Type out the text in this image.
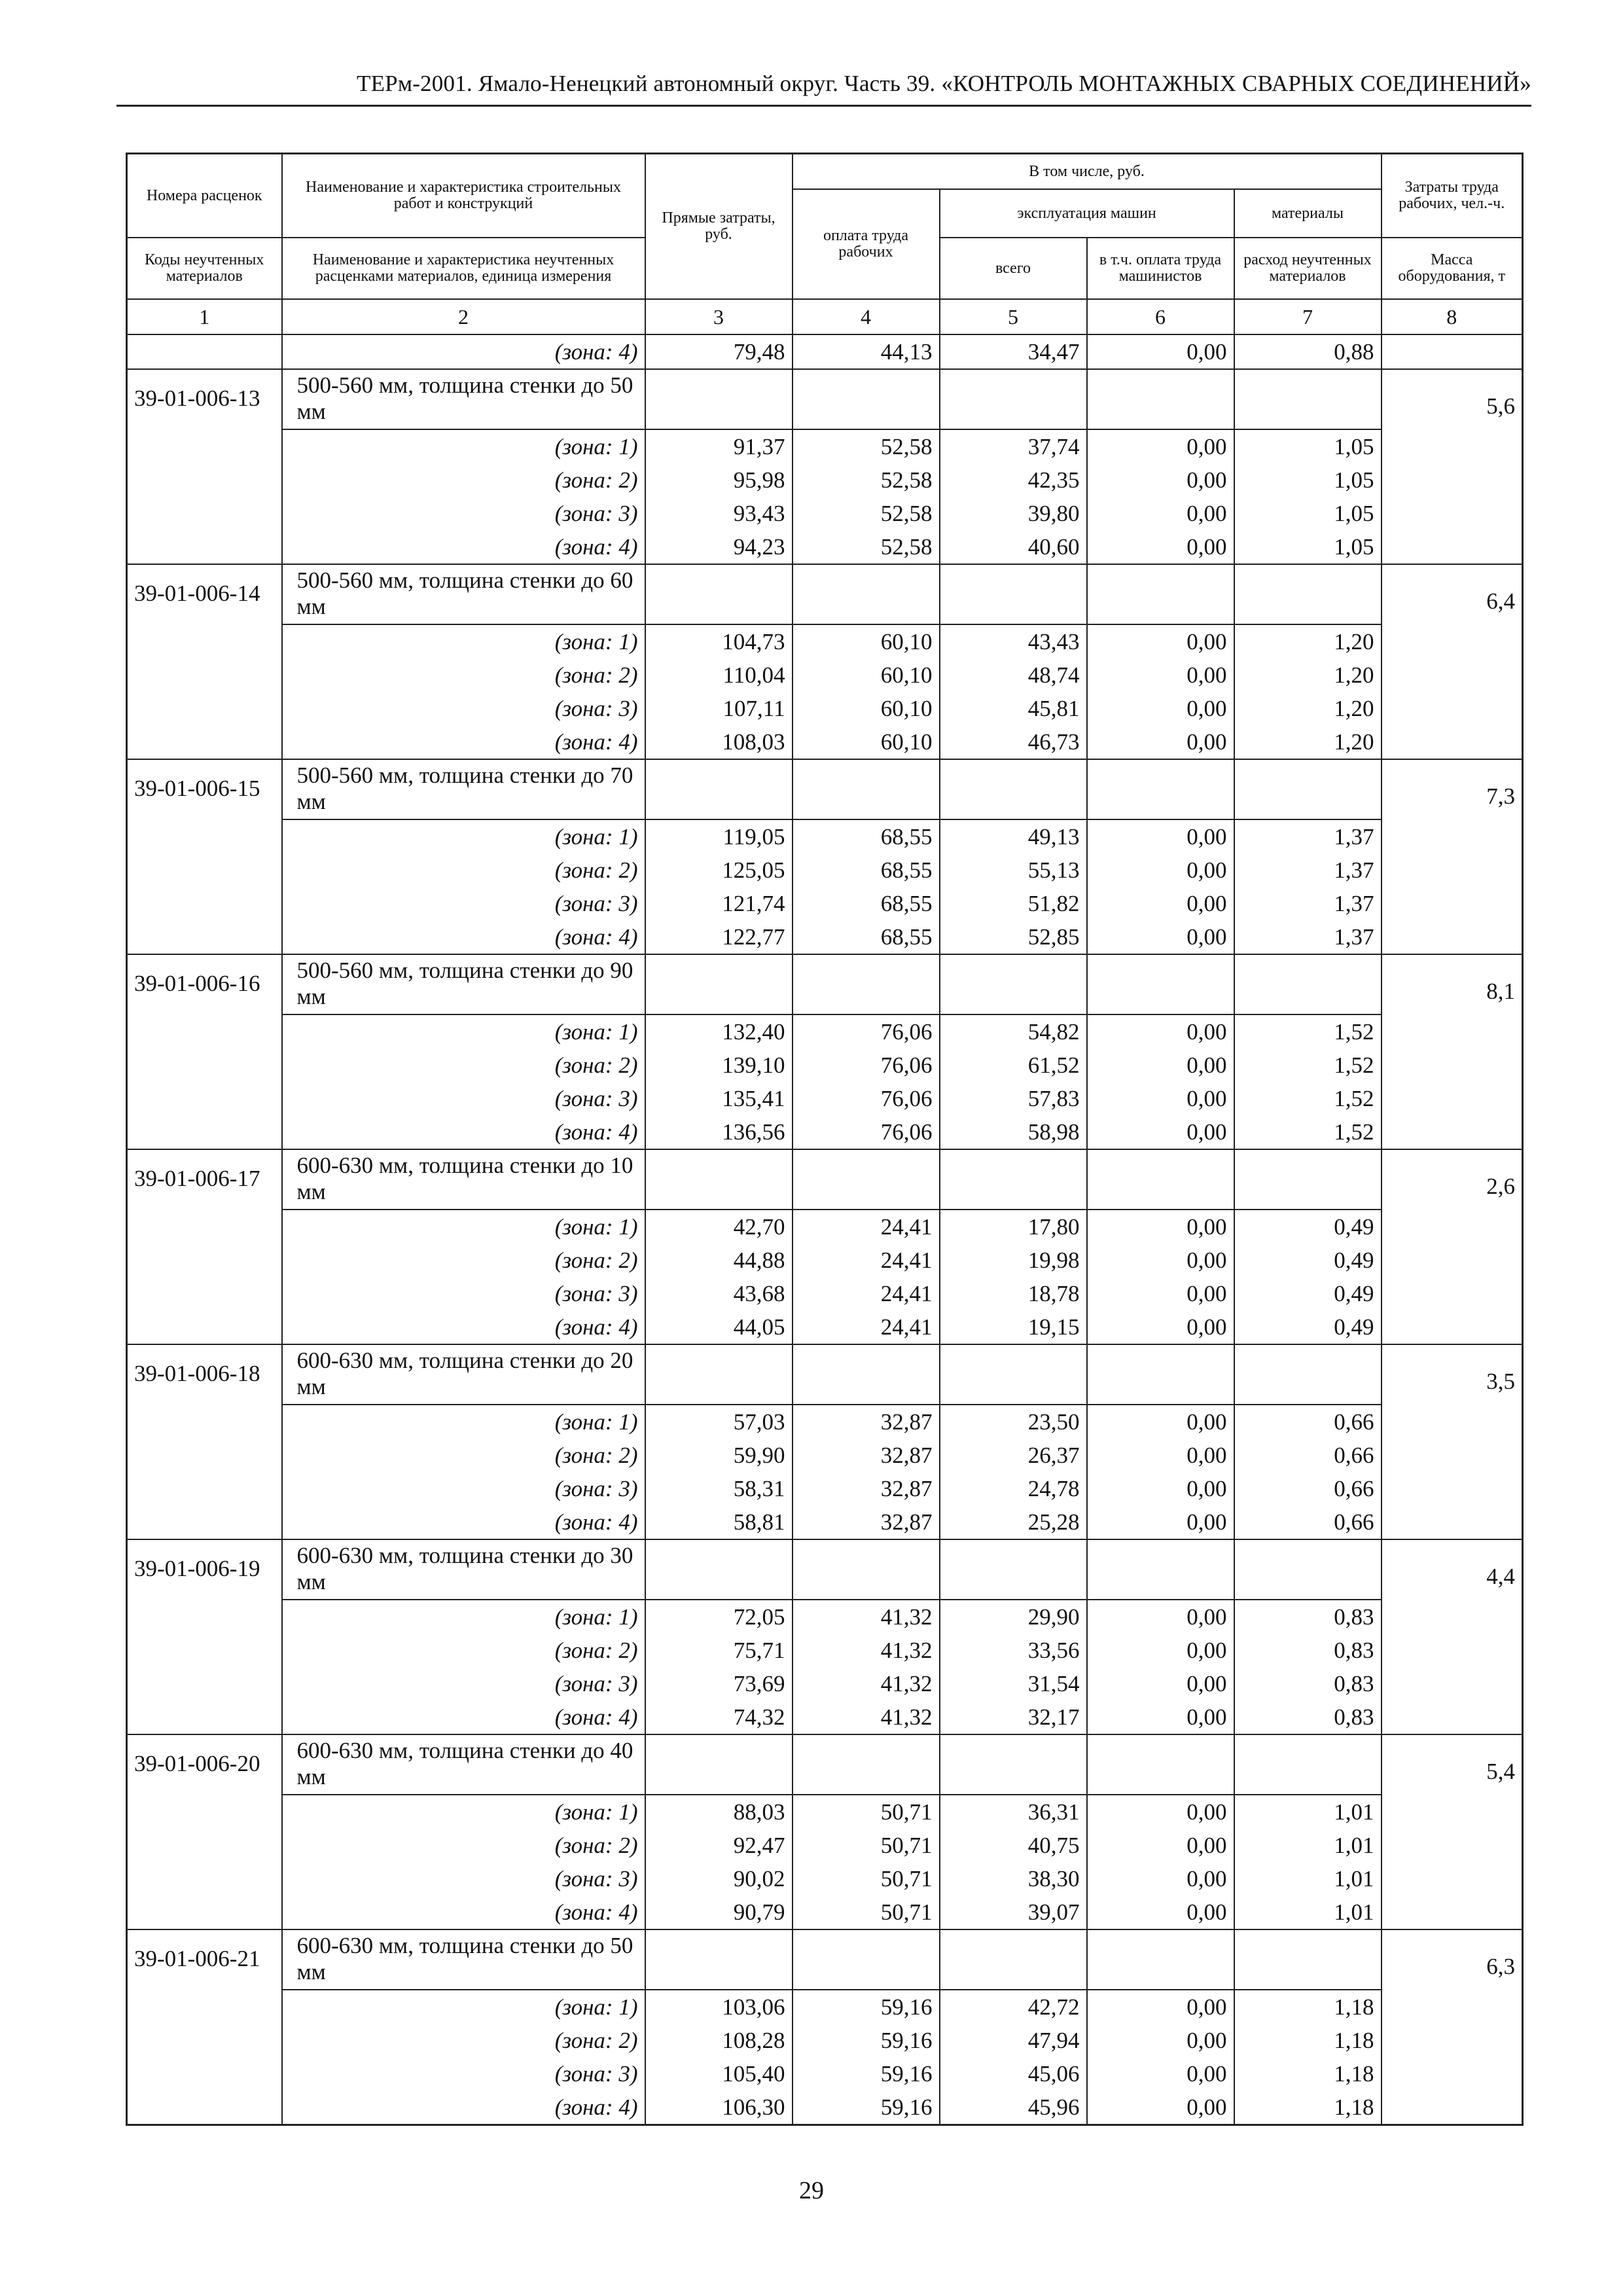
ТЕРм-2001. Ямало-Ненецкий автономный округ. Часть 39. «КОНТРОЛЬ МОНТАЖНЫХ СВАРНЫХ СОЕДИНЕНИЙ»
Номера расценок	Наименование и характеристика строительных работ и конструкций	Прямые затраты, руб.	В том числе, руб.				Затраты труда рабочих, чел.-ч.
			оплата труда рабочих	эксплуатация машин		материалы	
Коды неучтенных материалов	Наименование и характеристика неучтенных расценками материалов, единица измерения			всего	в т.ч. оплата труда машинистов	расход неучтенных материалов	Масса оборудования, т
1	2	3	4	5	6	7	8
	(зона: 4)	79,48	44,13	34,47	0,00	0,88	
39-01-006-13	500-560 мм, толщина стенки до 50 мм						5,6
	(зона: 1)	91,37	52,58	37,74	0,00	1,05	
	(зона: 2)	95,98	52,58	42,35	0,00	1,05	
	(зона: 3)	93,43	52,58	39,80	0,00	1,05	
	(зона: 4)	94,23	52,58	40,60	0,00	1,05	
39-01-006-14	500-560 мм, толщина стенки до 60 мм						6,4
	(зона: 1)	104,73	60,10	43,43	0,00	1,20	
	(зона: 2)	110,04	60,10	48,74	0,00	1,20	
	(зона: 3)	107,11	60,10	45,81	0,00	1,20	
	(зона: 4)	108,03	60,10	46,73	0,00	1,20	
39-01-006-15	500-560 мм, толщина стенки до 70 мм						7,3
	(зона: 1)	119,05	68,55	49,13	0,00	1,37	
	(зона: 2)	125,05	68,55	55,13	0,00	1,37	
	(зона: 3)	121,74	68,55	51,82	0,00	1,37	
	(зона: 4)	122,77	68,55	52,85	0,00	1,37	
39-01-006-16	500-560 мм, толщина стенки до 90 мм						8,1
	(зона: 1)	132,40	76,06	54,82	0,00	1,52	
	(зона: 2)	139,10	76,06	61,52	0,00	1,52	
	(зона: 3)	135,41	76,06	57,83	0,00	1,52	
	(зона: 4)	136,56	76,06	58,98	0,00	1,52	
39-01-006-17	600-630 мм, толщина стенки до 10 мм						2,6
	(зона: 1)	42,70	24,41	17,80	0,00	0,49	
	(зона: 2)	44,88	24,41	19,98	0,00	0,49	
	(зона: 3)	43,68	24,41	18,78	0,00	0,49	
	(зона: 4)	44,05	24,41	19,15	0,00	0,49	
39-01-006-18	600-630 мм, толщина стенки до 20 мм						3,5
	(зона: 1)	57,03	32,87	23,50	0,00	0,66	
	(зона: 2)	59,90	32,87	26,37	0,00	0,66	
	(зона: 3)	58,31	32,87	24,78	0,00	0,66	
	(зона: 4)	58,81	32,87	25,28	0,00	0,66	
39-01-006-19	600-630 мм, толщина стенки до 30 мм						4,4
	(зона: 1)	72,05	41,32	29,90	0,00	0,83	
	(зона: 2)	75,71	41,32	33,56	0,00	0,83	
	(зона: 3)	73,69	41,32	31,54	0,00	0,83	
	(зона: 4)	74,32	41,32	32,17	0,00	0,83	
39-01-006-20	600-630 мм, толщина стенки до 40 мм						5,4
	(зона: 1)	88,03	50,71	36,31	0,00	1,01	
	(зона: 2)	92,47	50,71	40,75	0,00	1,01	
	(зона: 3)	90,02	50,71	38,30	0,00	1,01	
	(зона: 4)	90,79	50,71	39,07	0,00	1,01	
39-01-006-21	600-630 мм, толщина стенки до 50 мм						6,3
	(зона: 1)	103,06	59,16	42,72	0,00	1,18	
	(зона: 2)	108,28	59,16	47,94	0,00	1,18	
	(зона: 3)	105,40	59,16	45,06	0,00	1,18	
	(зона: 4)	106,30	59,16	45,96	0,00	1,18	
29
